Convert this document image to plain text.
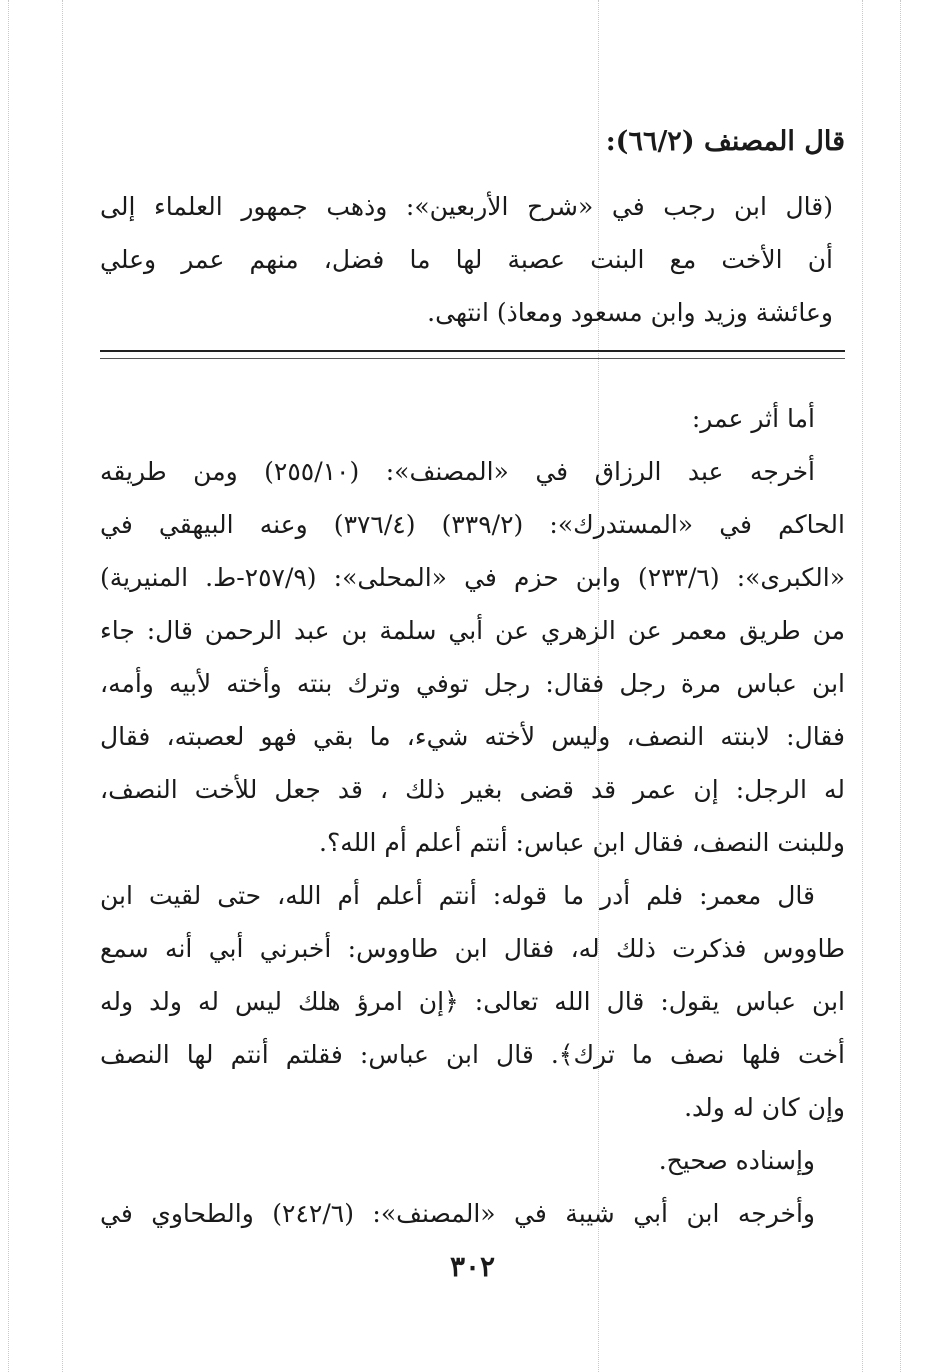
قال المصنف (٦٦/٢):
(قال ابن رجب في «شرح الأربعين»: وذهب جمهور العلماء إلى
أن الأخت مع البنت عصبة لها ما فضل، منهم عمر وعلي
وعائشة وزيد وابن مسعود ومعاذ) انتهى.
أما أثر عمر:
أخرجه عبد الرزاق في «المصنف»: (٢٥٥/١٠) ومن طريقه
الحاكم في «المستدرك»: (٣٣٩/٢) (٣٧٦/٤) وعنه البيهقي في
«الكبرى»: (٢٣٣/٦) وابن حزم في «المحلى»: (٢٥٧/٩-ط. المنيرية)
من طريق معمر عن الزهري عن أبي سلمة بن عبد الرحمن قال: جاء
ابن عباس مرة رجل فقال: رجل توفي وترك بنته وأخته لأبيه وأمه،
فقال: لابنته النصف، وليس لأخته شيء، ما بقي فهو لعصبته، فقال
له الرجل: إن عمر قد قضى بغير ذلك ، قد جعل للأخت النصف،
وللبنت النصف، فقال ابن عباس: أنتم أعلم أم الله؟.
قال معمر: فلم أدر ما قوله: أنتم أعلم أم الله، حتى لقيت ابن
طاووس فذكرت ذلك له، فقال ابن طاووس: أخبرني أبي أنه سمع
ابن عباس يقول: قال الله تعالى: ﴿إن امرؤ هلك ليس له ولد وله
أخت فلها نصف ما ترك﴾. قال ابن عباس: فقلتم أنتم لها النصف
وإن كان له ولد.
وإسناده صحيح.
وأخرجه ابن أبي شيبة في «المصنف»: (٢٤٢/٦) والطحاوي في
٣٠٢
